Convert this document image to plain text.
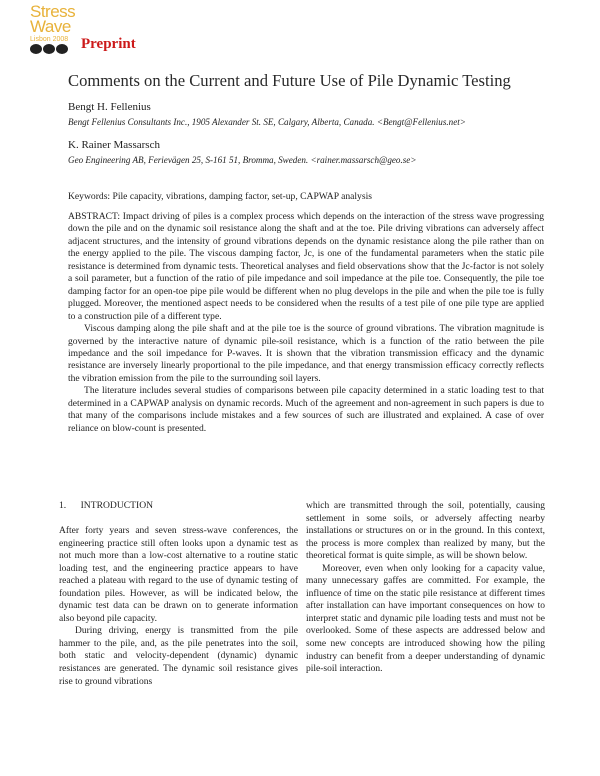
Stress
Wave
Lisbon 2008 Preprint
Comments on the Current and Future Use of Pile Dynamic Testing
Bengt H. Fellenius
Bengt Fellenius Consultants Inc., 1905 Alexander St. SE, Calgary, Alberta, Canada. <Bengt@Fellenius.net>
K. Rainer Massarsch
Geo Engineering AB, Ferievägen 25, S-161 51, Bromma, Sweden. <rainer.massarsch@geo.se>
Keywords: Pile capacity, vibrations, damping factor, set-up, CAPWAP analysis

ABSTRACT: Impact driving of piles is a complex process which depends on the interaction of the stress wave progressing down the pile and on the dynamic soil resistance along the shaft and at the toe. Pile driving vibrations can adversely affect adjacent structures, and the intensity of ground vibrations depends on the dynamic resistance along the pile rather than on the energy applied to the pile. The viscous damping factor, Jc, is one of the fundamental parameters when the static pile resistance is determined from dynamic tests. Theoretical analyses and field observations show that the Jc-factor is not solely a soil parameter, but a function of the ratio of pile impedance and soil impedance at the pile toe. Consequently, the pile toe damping factor for an open-toe pipe pile would be different when no plug develops in the pile and when the pile toe is fully plugged. Moreover, the mentioned aspect needs to be considered when the results of a test pile of one pile type are applied to a construction pile of a different type.

Viscous damping along the pile shaft and at the pile toe is the source of ground vibrations. The vibration magnitude is governed by the interactive nature of dynamic pile-soil resistance, which is a function of the ratio between the pile impedance and the soil impedance for P-waves. It is shown that the vibration transmission efficacy and the dynamic resistance are inversely linearly proportional to the pile impedance, and that energy transmission efficacy correctly reflects the vibration emission from the pile to the surrounding soil layers.

The literature includes several studies of comparisons between pile capacity determined in a static loading test to that determined in a CAPWAP analysis on dynamic records. Much of the agreement and non-agreement in such papers is due to that many of the comparisons include mistakes and a few sources of such are illustrated and explained. A case of over reliance on blow-count is presented.

1.      INTRODUCTION

After forty years and seven stress-wave conferences, the engineering practice still often looks upon a dynamic test as not much more than a low-cost alternative to a routine static loading test, and the engineering practice appears to have reached a plateau with regard to the use of dynamic testing of foundation piles. However, as will be indicated below, the dynamic test data can be drawn on to generate information also beyond pile capacity.

During driving, energy is transmitted from the pile hammer to the pile, and, as the pile penetrates into the soil, both static and velocity-dependent (dynamic) dynamic resistances are generated. The dynamic soil resistance gives rise to ground vibrations

which are transmitted through the soil, potentially, causing settlement in some soils, or adversely affecting nearby installations or structures on or in the ground. In this context, the process is more complex than realized by many, but the theoretical format is quite simple, as will be shown below.

Moreover, even when only looking for a capacity value, many unnecessary gaffes are committed. For example, the influence of time on the static pile resistance at different times after installation can have important consequences on how to interpret static and dynamic pile loading tests and must not be overlooked. Some of these aspects are addressed below and some new concepts are introduced showing how the piling industry can benefit from a deeper understanding of dynamic pile-soil interaction.
